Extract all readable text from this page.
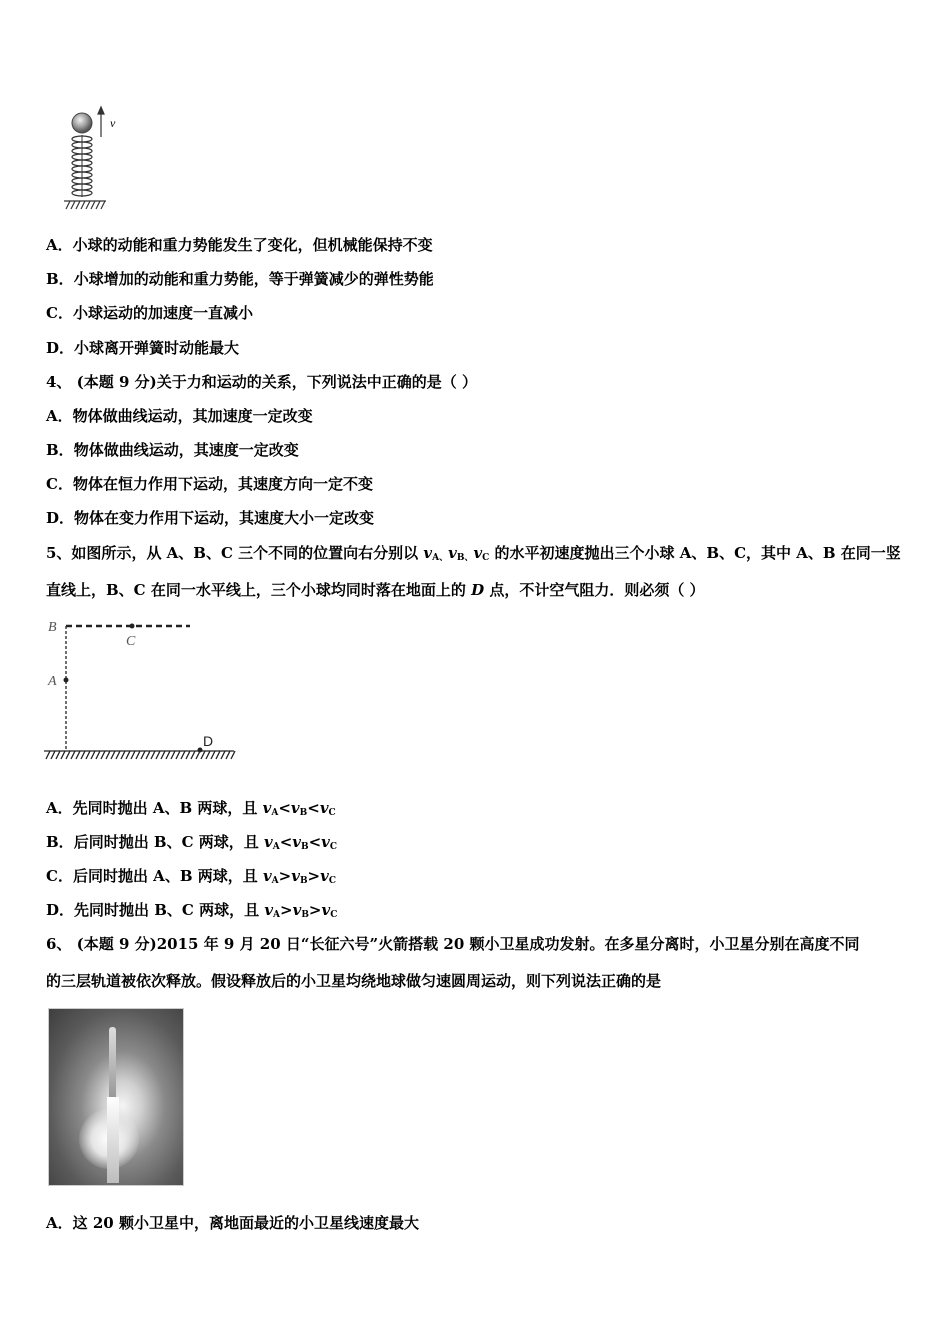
v
A．小球的动能和重力势能发生了变化，但机械能保持不变
B．小球增加的动能和重力势能，等于弹簧减少的弹性势能
C．小球运动的加速度一直减小
D．小球离开弹簧时动能最大
4、 (本题 9 分)关于力和运动的关系，下列说法中正确的是（ ）
A．物体做曲线运动，其加速度一定改变
B．物体做曲线运动，其速度一定改变
C．物体在恒力作用下运动，其速度方向一定不变
D．物体在变力作用下运动，其速度大小一定改变
5、如图所示，从 A、B、C 三个不同的位置向右分别以 $v_{A、}v_{B、}v_C$ 的水平初速度抛出三个小球 A、B、C，其中 A、B 在同一竖
直线上，B、C 在同一水平线上，三个小球均同时落在地面上的 D 点，不计空气阻力．则必须（ ）
B
C
A
D
A．先同时抛出 A、B 两球，且 $v_A<v_B<v_C$
B．后同时抛出 B、C 两球，且 $v_A<v_B<v_C$
C．后同时抛出 A、B 两球，且 $v_A>v_B>v_C$
D．先同时抛出 B、C 两球，且 $v_A>v_B>v_C$
6、 (本题 9 分)2015 年 9 月 20 日“长征六号”火箭搭载 20 颗小卫星成功发射。在多星分离时，小卫星分别在高度不同
的三层轨道被依次释放。假设释放后的小卫星均绕地球做匀速圆周运动，则下列说法正确的是
A．这 20 颗小卫星中，离地面最近的小卫星线速度最大
